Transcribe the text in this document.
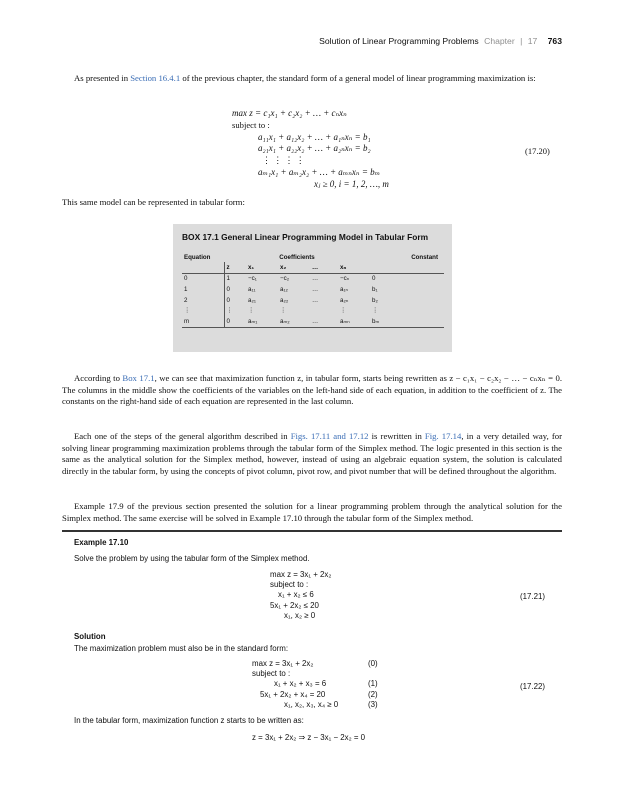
Solution of Linear Programming Problems Chapter | 17 763

As presented in Section 16.4.1 of the previous chapter, the standard form of a general model of linear programming maximization is:

max z = c₁x₁ + c₂x₂ + … + cₙxₙ
subject to :
a₁₁x₁ + a₁₂x₂ + … + a₁ₙxₙ = b₁
a₂₁x₁ + a₂₂x₂ + … + a₂ₙxₙ = b₂
⋮ ⋮ ⋮ ⋮
aₘ₁x₁ + aₘ₂x₂ + … + aₘₙxₙ = bₘ
xⱼ ≥ 0, i = 1, 2, …, m
(17.20)

This same model can be represented in tabular form:

BOX 17.1 General Linear Programming Model in Tabular Form
Equation	Coefficients					Constant
	z	x₁	x₂	…	xₙ	
0	1	−c₁	−c₂	…	−cₙ	0
1	0	a₁₁	a₁₂	…	a₁ₙ	b₁
2	0	a₂₁	a₂₂	…	a₂ₙ	b₂
⋮	⋮	⋮	⋮		⋮	⋮
m	0	aₘ₁	aₘ₂	…	aₘₙ	bₘ

According to Box 17.1, we can see that maximization function z, in tabular form, starts being rewritten as z − c₁x₁ − c₂x₂ − … − cₙxₙ = 0. The columns in the middle show the coefficients of the variables on the left-hand side of each equation, in addition to the coefficient of z. The constants on the right-hand side of each equation are represented in the last column.

Each one of the steps of the general algorithm described in Figs. 17.11 and 17.12 is rewritten in Fig. 17.14, in a very detailed way, for solving linear programming maximization problems through the tabular form of the Simplex method. The logic presented in this section is the same as the analytical solution for the Simplex method, however, instead of using an algebraic equation system, the solution is calculated directly in the tabular form, by using the concepts of pivot column, pivot row, and pivot number that will be defined throughout the algorithm.

Example 17.9 of the previous section presented the solution for a linear programming problem through the analytical solution for the Simplex method. The same exercise will be solved in Example 17.10 through the tabular form of the Simplex method.

Example 17.10
Solve the problem by using the tabular form of the Simplex method.
max z = 3x₁ + 2x₂
subject to :
x₁ + x₂ ≤ 6
5x₁ + 2x₂ ≤ 20
x₁, x₂ ≥ 0
(17.21)
Solution
The maximization problem must also be in the standard form:
max z = 3x₁ + 2x₂
subject to :
x₁ + x₂ + x₃ = 6
5x₁ + 2x₂ + x₄ = 20
x₁, x₂, x₃, x₄ ≥ 0
(0)

(1)
(2)
(3)
(17.22)
In the tabular form, maximization function z starts to be written as:
z = 3x₁ + 2x₂ ⇒ z − 3x₁ − 2x₂ = 0
